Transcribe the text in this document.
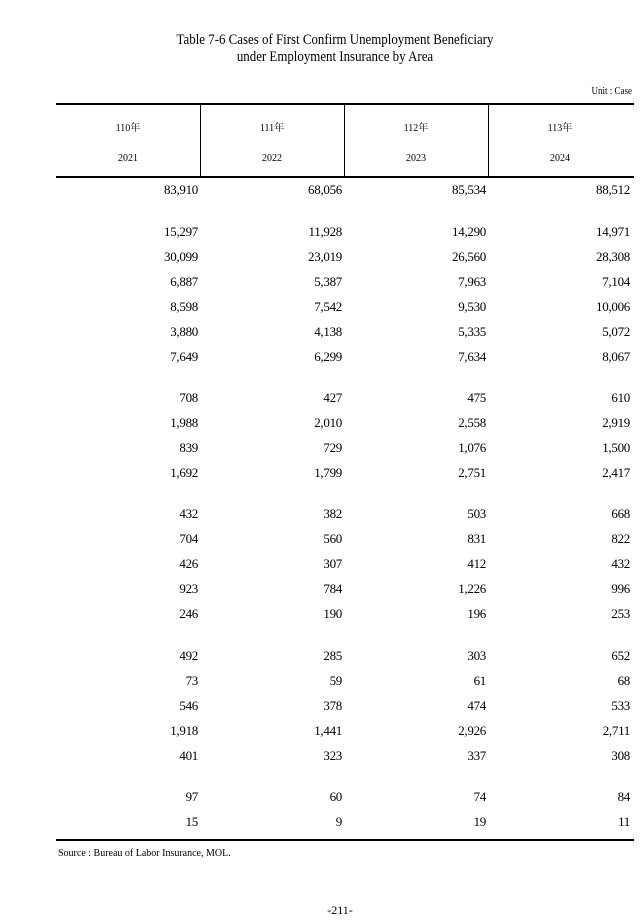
Table 7-6 Cases of First Confirm Unemployment Beneficiary
under Employment Insurance by Area
Unit : Case
110年	111年	112年	113年
2021	2022	2023	2024
83,910	68,056	85,534	88,512
15,297	11,928	14,290	14,971
30,099	23,019	26,560	28,308
6,887	5,387	7,963	7,104
8,598	7,542	9,530	10,006
3,880	4,138	5,335	5,072
7,649	6,299	7,634	8,067
708	427	475	610
1,988	2,010	2,558	2,919
839	729	1,076	1,500
1,692	1,799	2,751	2,417
432	382	503	668
704	560	831	822
426	307	412	432
923	784	1,226	996
246	190	196	253
492	285	303	652
73	59	61	68
546	378	474	533
1,918	1,441	2,926	2,711
401	323	337	308
97	60	74	84
15	9	19	11
Source : Bureau of Labor Insurance, MOL.
-211-
